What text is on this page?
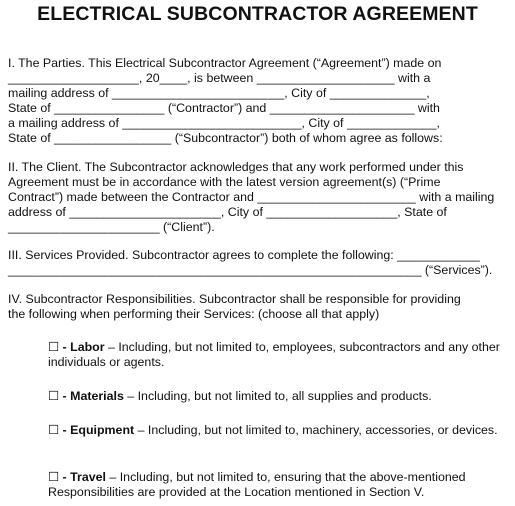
ELECTRICAL SUBCONTRACTOR AGREEMENT
I. The Parties. This Electrical Subcontractor Agreement (“Agreement”) made on
___________________, 20____, is between ____________________ with a
mailing address of _________________________, City of ______________,
State of ________________ (“Contractor”) and _____________________ with
a mailing address of __________________________, City of _____________,
State of _________________ (“Subcontractor”) both of whom agree as follows:
II. The Client. The Subcontractor acknowledges that any work performed under this
Agreement must be in accordance with the latest version agreement(s) (“Prime
Contract”) made between the Contractor and _______________________ with a mailing
address of ______________________, City of ___________________, State of
______________________ (“Client”).
III. Services Provided. Subcontractor agrees to complete the following: ____________
____________________________________________________________ (“Services”).
IV. Subcontractor Responsibilities. Subcontractor shall be responsible for providing
the following when performing their Services: (choose all that apply)
☐ - Labor – Including, but not limited to, employees, subcontractors and any other individuals or agents.
☐ - Materials – Including, but not limited to, all supplies and products.
☐ - Equipment – Including, but not limited to, machinery, accessories, or devices.
☐ - Travel – Including, but not limited to, ensuring that the above-mentioned Responsibilities are provided at the Location mentioned in Section V.
